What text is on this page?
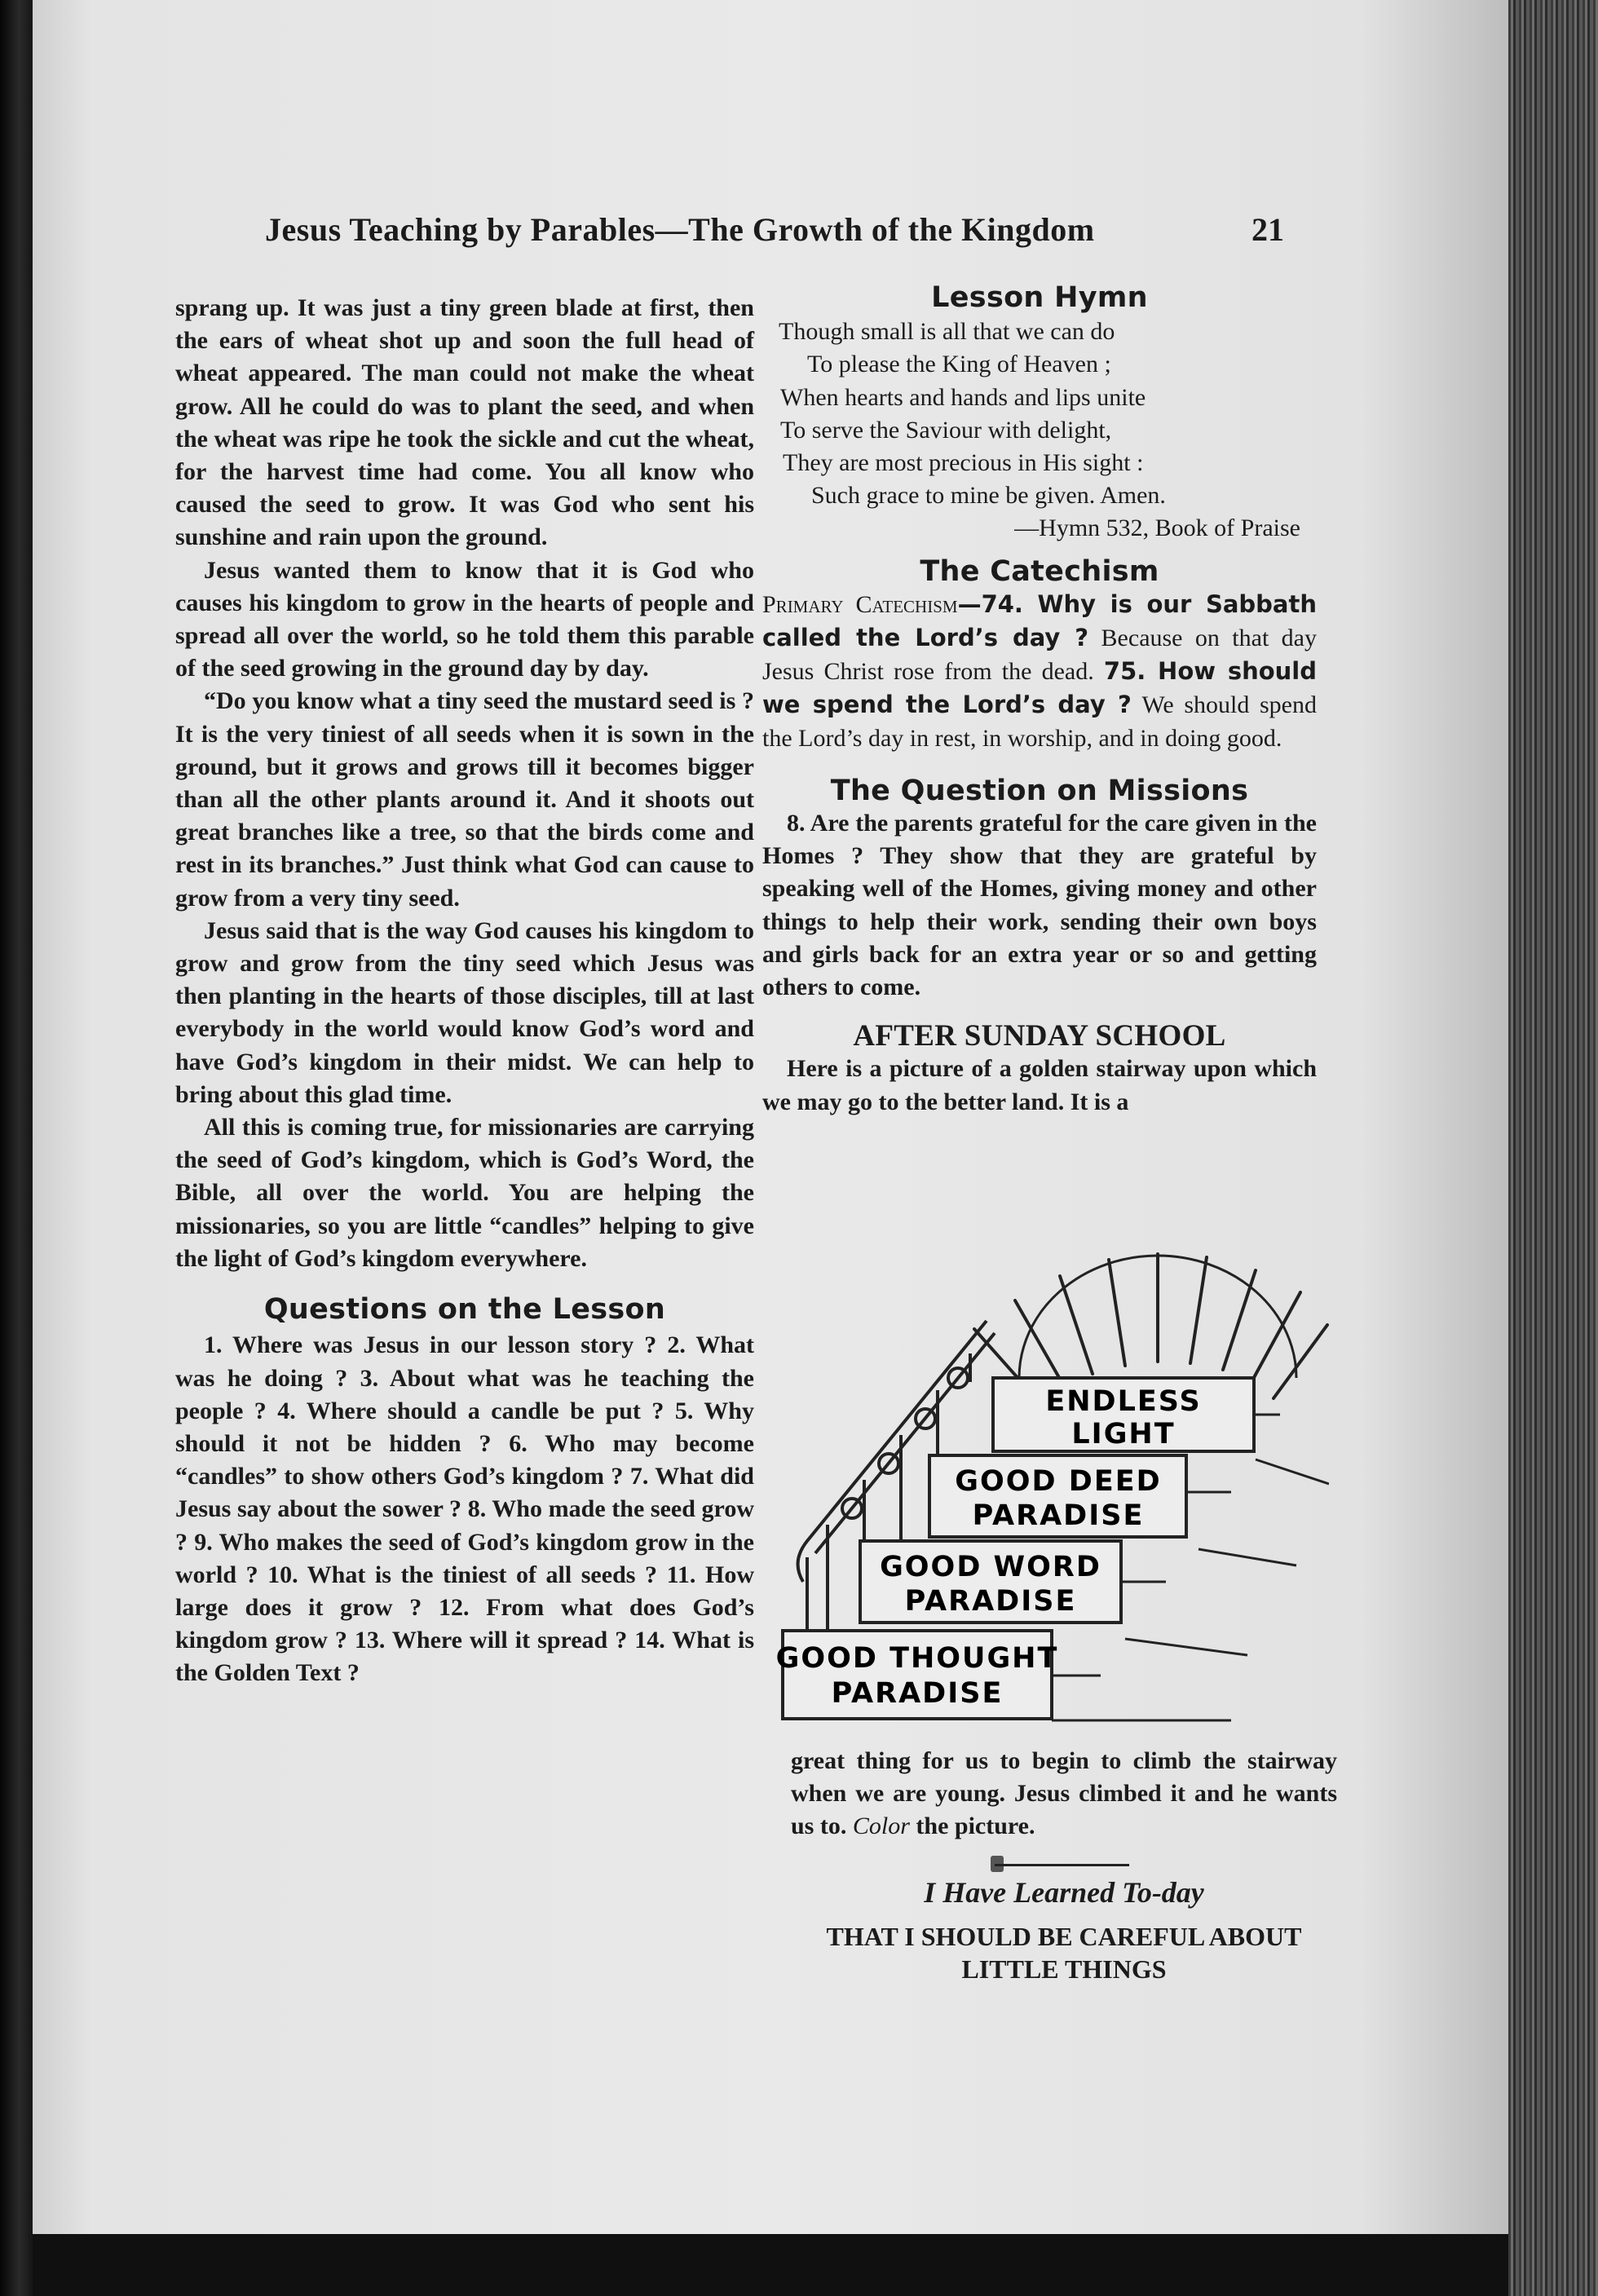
Jesus Teaching by Parables—The Growth of the Kingdom	21

sprang up. It was just a tiny green blade at first, then the ears of wheat shot up and soon the full head of wheat appeared. The man could not make the wheat grow. All he could do was to plant the seed, and when the wheat was ripe he took the sickle and cut the wheat, for the harvest time had come. You all know who caused the seed to grow. It was God who sent his sunshine and rain upon the ground.

Jesus wanted them to know that it is God who causes his kingdom to grow in the hearts of people and spread all over the world, so he told them this parable of the seed growing in the ground day by day.

“Do you know what a tiny seed the mustard seed is ? It is the very tiniest of all seeds when it is sown in the ground, but it grows and grows till it becomes bigger than all the other plants around it. And it shoots out great branches like a tree, so that the birds come and rest in its branches.” Just think what God can cause to grow from a very tiny seed.

Jesus said that is the way God causes his kingdom to grow and grow from the tiny seed which Jesus was then planting in the hearts of those disciples, till at last everybody in the world would know God’s word and have God’s kingdom in their midst. We can help to bring about this glad time.

All this is coming true, for missionaries are carrying the seed of God’s kingdom, which is God’s Word, the Bible, all over the world. You are helping the missionaries, so you are little “candles” helping to give the light of God’s kingdom everywhere.

Questions on the Lesson

1. Where was Jesus in our lesson story ? 2. What was he doing ? 3. About what was he teaching the people ? 4. Where should a candle be put ? 5. Why should it not be hidden ? 6. Who may become “candles” to show others God’s kingdom ? 7. What did Jesus say about the sower ? 8. Who made the seed grow ? 9. Who makes the seed of God’s kingdom grow in the world ? 10. What is the tiniest of all seeds ? 11. How large does it grow ? 12. From what does God’s kingdom grow ? 13. Where will it spread ? 14. What is the Golden Text ?

Lesson Hymn
Though small is all that we can do
To please the King of Heaven ;
When hearts and hands and lips unite
To serve the Saviour with delight,
They are most precious in His sight :
Such grace to mine be given. Amen.
—Hymn 532, Book of Praise
The Catechism

Primary Catechism—74. Why is our Sabbath called the Lord’s day ? Because on that day Jesus Christ rose from the dead. 75. How should we spend the Lord’s day ? We should spend the Lord’s day in rest, in worship, and in doing good.

The Question on Missions

8. Are the parents grateful for the care given in the Homes ? They show that they are grateful by speaking well of the Homes, giving money and other things to help their work, sending their own boys and girls back for an extra year or so and getting others to come.

AFTER SUNDAY SCHOOL

Here is a picture of a golden stairway upon which we may go to the better land. It is a

ENDLESS
LIGHT
GOOD DEED
PARADISE
GOOD WORD
PARADISE
GOOD THOUGHT
PARADISE
great thing for us to begin to climb the stairway when we are young. Jesus climbed it and he wants us to. Color the picture.
I Have Learned To-day
THAT I SHOULD BE CAREFUL ABOUT
LITTLE THINGS
